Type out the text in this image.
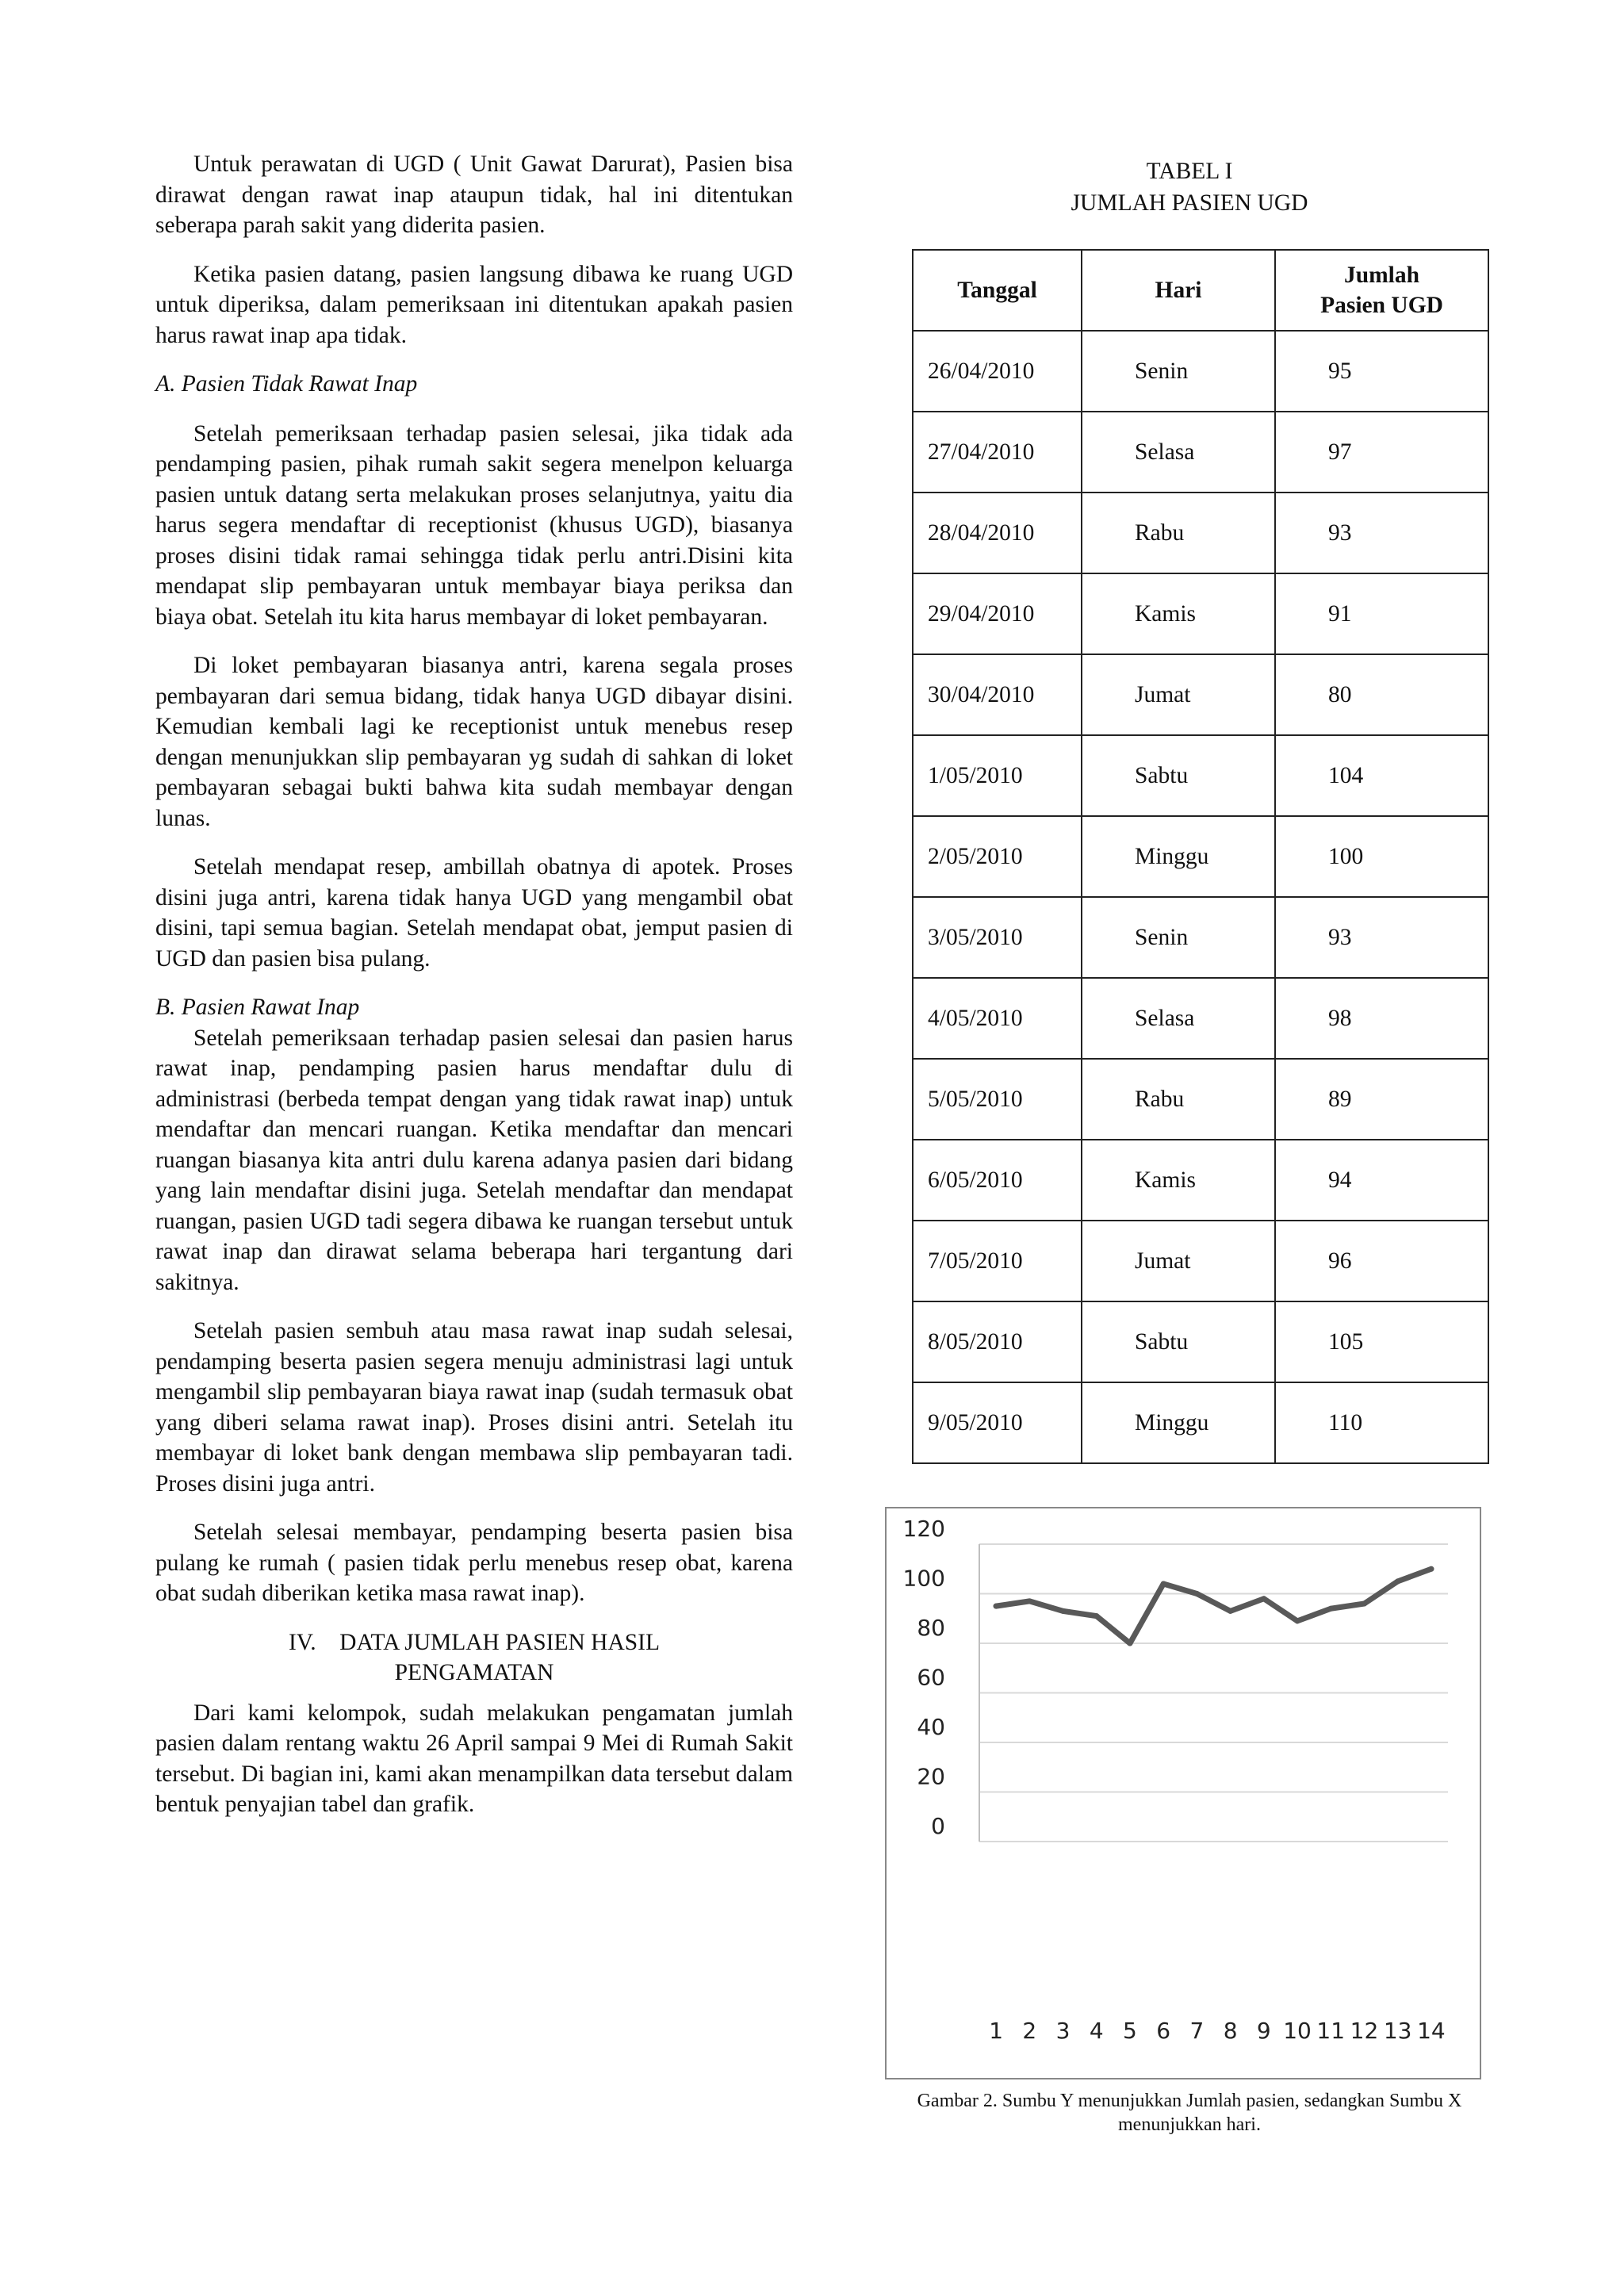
Untuk perawatan di UGD ( Unit Gawat Darurat), Pasien bisa dirawat dengan rawat inap ataupun tidak, hal ini ditentukan seberapa parah sakit yang diderita pasien.

Ketika pasien datang, pasien langsung dibawa ke ruang UGD untuk diperiksa, dalam pemeriksaan ini ditentukan apakah pasien harus rawat inap apa tidak.

A. Pasien Tidak Rawat Inap

Setelah pemeriksaan terhadap pasien selesai, jika tidak ada pendamping pasien, pihak rumah sakit segera menelpon keluarga pasien untuk datang serta melakukan proses selanjutnya, yaitu dia harus segera mendaftar di receptionist (khusus UGD), biasanya proses disini tidak ramai sehingga tidak perlu antri.Disini kita mendapat slip pembayaran untuk membayar biaya periksa dan biaya obat. Setelah itu kita harus membayar di loket pembayaran.

Di loket pembayaran biasanya antri, karena segala proses pembayaran dari semua bidang, tidak hanya UGD dibayar disini. Kemudian kembali lagi ke receptionist untuk menebus resep dengan menunjukkan slip pembayaran yg sudah di sahkan di loket pembayaran sebagai bukti bahwa kita sudah membayar dengan lunas.

Setelah mendapat resep, ambillah obatnya di apotek. Proses disini juga antri, karena tidak hanya UGD yang mengambil obat disini, tapi semua bagian. Setelah mendapat obat, jemput pasien di UGD dan pasien bisa pulang.

B. Pasien Rawat Inap

Setelah pemeriksaan terhadap pasien selesai dan pasien harus rawat inap, pendamping pasien harus mendaftar dulu di administrasi (berbeda tempat dengan yang tidak rawat inap) untuk mendaftar dan mencari ruangan. Ketika mendaftar dan mencari ruangan biasanya kita antri dulu karena adanya pasien dari bidang yang lain mendaftar disini juga. Setelah mendaftar dan mendapat ruangan, pasien UGD tadi segera dibawa ke ruangan tersebut untuk rawat inap dan dirawat selama beberapa hari tergantung dari sakitnya.

Setelah pasien sembuh atau masa rawat inap sudah selesai, pendamping beserta pasien segera menuju administrasi lagi untuk mengambil slip pembayaran biaya rawat inap (sudah termasuk obat yang diberi selama rawat inap). Proses disini antri. Setelah itu membayar di loket bank dengan membawa slip pembayaran tadi. Proses disini juga antri.

Setelah selesai membayar, pendamping beserta pasien bisa pulang ke rumah ( pasien tidak perlu menebus resep obat, karena obat sudah diberikan ketika masa rawat inap).

IV.    DATA JUMLAH PASIEN HASIL
PENGAMATAN

Dari kami kelompok, sudah melakukan pengamatan jumlah pasien dalam rentang waktu 26 April sampai 9 Mei di Rumah Sakit tersebut. Di bagian ini, kami akan menampilkan data tersebut dalam bentuk penyajian tabel dan grafik.

TABEL I
JUMLAH PASIEN UGD
Tanggal	Hari	Jumlah
Pasien UGD

26/04/2010	Senin	95
27/04/2010	Selasa	97
28/04/2010	Rabu	93
29/04/2010	Kamis	91
30/04/2010	Jumat	80
1/05/2010	Sabtu	104
2/05/2010	Minggu	100
3/05/2010	Senin	93
4/05/2010	Selasa	98
5/05/2010	Rabu	89
6/05/2010	Kamis	94
7/05/2010	Jumat	96
8/05/2010	Sabtu	105
9/05/2010	Minggu	110
0
20
40
60
80
100
120
1 2 3 4 5 6 7 8 9 10 11 12 13 14
Gambar 2. Sumbu Y menunjukkan Jumlah pasien, sedangkan Sumbu X
menunjukkan hari.
